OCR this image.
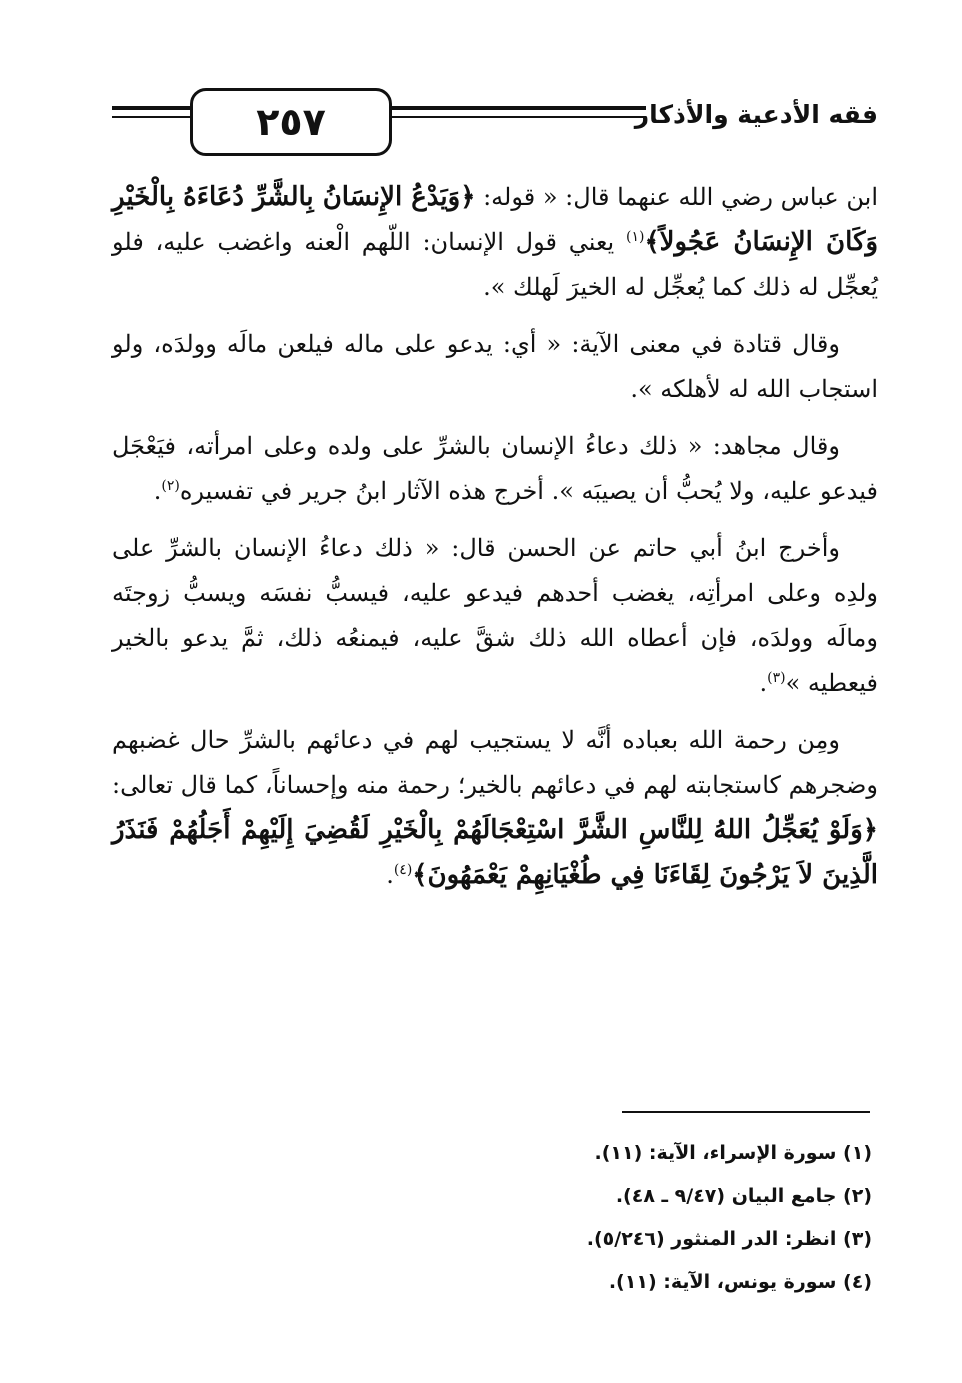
٢٥٧	فقه الأدعية والأذكار

ابن عباس رضي الله عنهما قال: « قوله: ﴿وَيَدْعُ الإِنسَانُ بِالشَّرِّ دُعَاءَهُ بِالْخَيْرِ وَكَانَ الإِنسَانُ عَجُولاً﴾$^{(١)}$ يعني قول الإنسان: اللّهم الْعنه واغضب عليه، فلو يُعجِّل له ذلك كما يُعجِّل له الخيرَ لَهلك ».

وقال قتادة في معنى الآية: « أي: يدعو على ماله فيلعن مالَه وولدَه، ولو استجاب الله له لأهلكه ».

وقال مجاهد: « ذلك دعاءُ الإنسان بالشرِّ على ولده وعلى امرأته، فيَعْجَل فيدعو عليه، ولا يُحبُّ أن يصيبَه ». أخرج هذه الآثار ابنُ جرير في تفسيره$^{(٢)}$.

وأخرج ابنُ أبي حاتم عن الحسن قال: « ذلك دعاءُ الإنسان بالشرِّ على ولدِه وعلى امرأتِه، يغضب أحدهم فيدعو عليه، فيسبُّ نفسَه ويسبُّ زوجتَه ومالَه وولدَه، فإن أعطاه الله ذلك شقَّ عليه، فيمنعُه ذلك، ثمَّ يدعو بالخير فيعطيه »$^{(٣)}$.

ومِن رحمة الله بعباده أنَّه لا يستجيب لهم في دعائهم بالشرِّ حال غضبهم وضجرهم كاستجابته لهم في دعائهم بالخير؛ رحمة منه وإحساناً، كما قال تعالى: ﴿وَلَوْ يُعَجِّلُ اللهُ لِلنَّاسِ الشَّرَّ اسْتِعْجَالَهُمْ بِالْخَيْرِ لَقُضِيَ إِلَيْهِمْ أَجَلُهُمْ فَنَذَرُ الَّذِينَ لاَ يَرْجُونَ لِقَاءَنَا فِي طُغْيَانِهِمْ يَعْمَهُونَ﴾$^{(٤)}$.

(١) سورة الإسراء، الآية: (١١).
(٢) جامع البيان (٩/٤٧ ـ ٤٨).
(٣) انظر: الدر المنثور (٥/٢٤٦).
(٤) سورة يونس، الآية: (١١).
